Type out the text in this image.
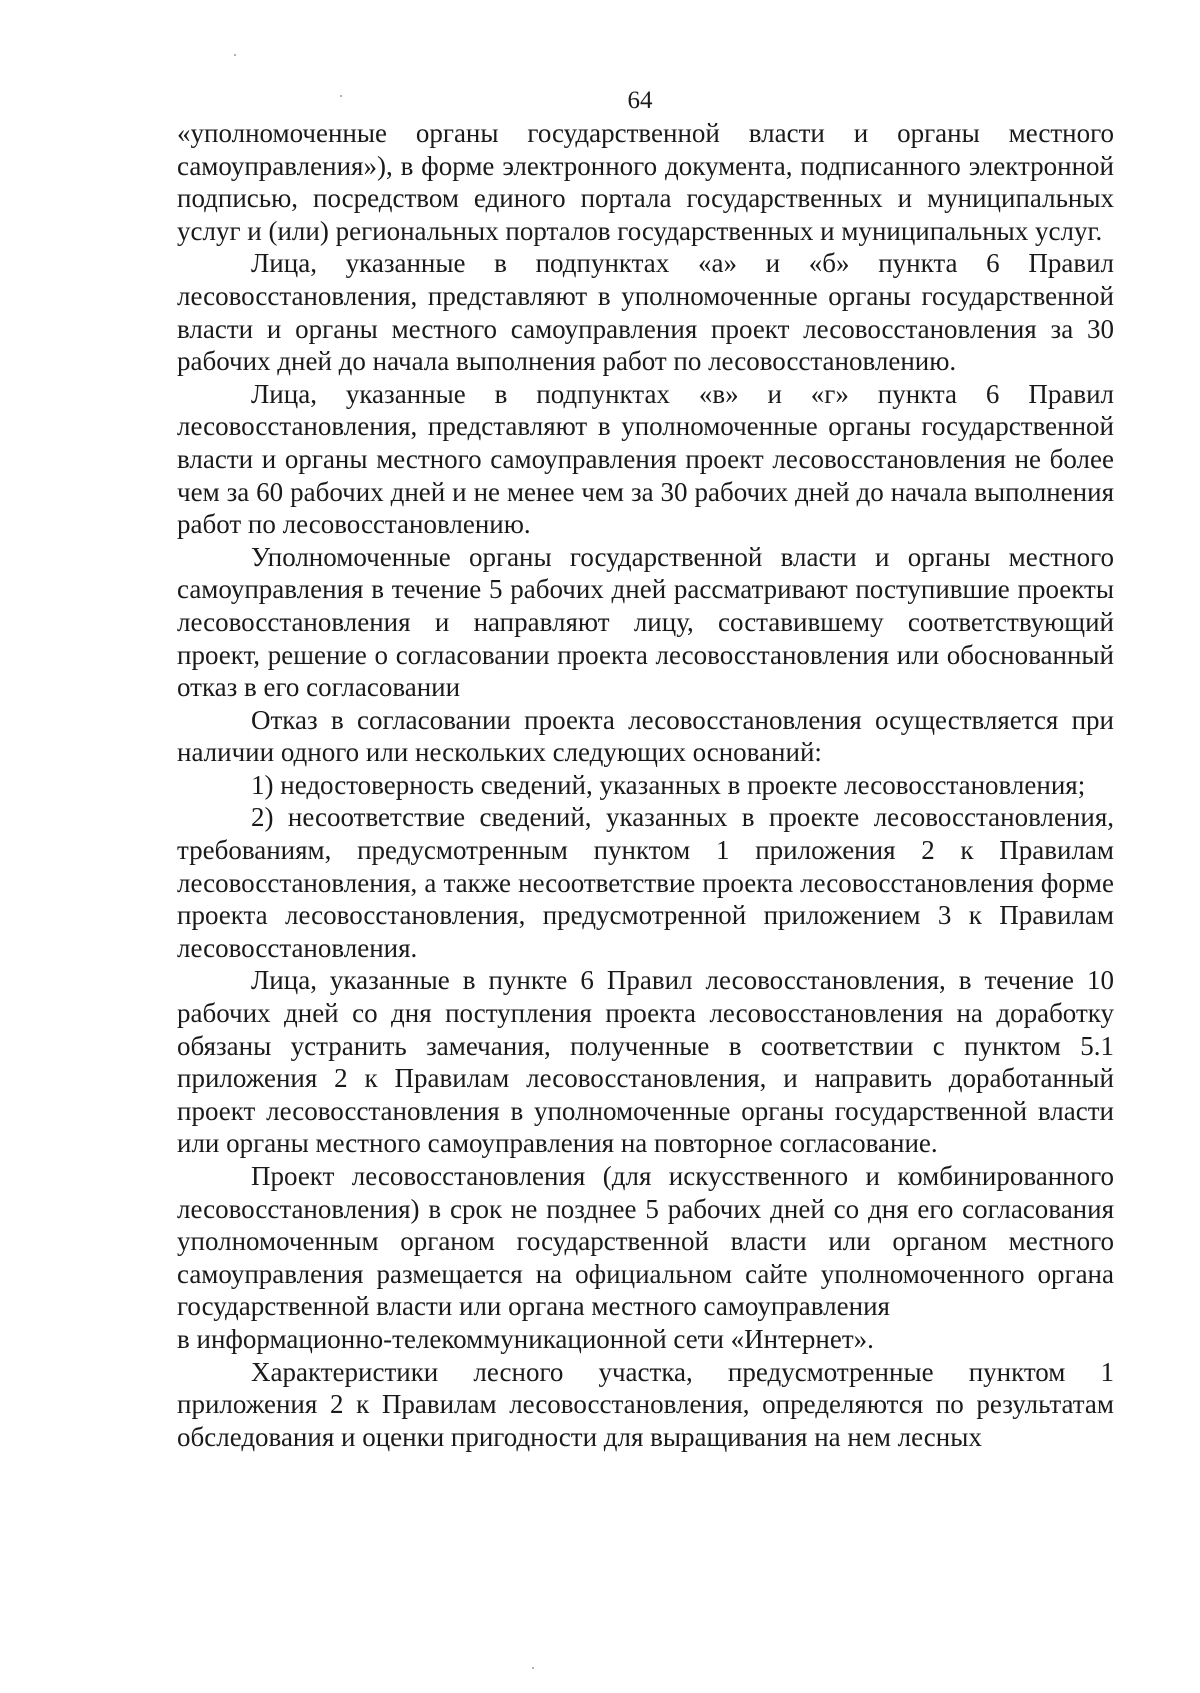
64

«уполномоченные органы государственной власти и органы местного самоуправления»), в форме электронного документа, подписанного электронной подписью, посредством единого портала государственных и муниципальных услуг и (или) региональных порталов государственных и муниципальных услуг.

Лица, указанные в подпунктах «а» и «б» пункта 6 Правил лесовосстановления, представляют в уполномоченные органы государственной власти и органы местного самоуправления проект лесовосстановления за 30 рабочих дней до начала выполнения работ по лесовосстановлению.

Лица, указанные в подпунктах «в» и «г» пункта 6 Правил лесовосстановления, представляют в уполномоченные органы государственной власти и органы местного самоуправления проект лесовосстановления не более чем за 60 рабочих дней и не менее чем за 30 рабочих дней до начала выполнения работ по лесовосстановлению.

Уполномоченные органы государственной власти и органы местного самоуправления в течение 5 рабочих дней рассматривают поступившие проекты лесовосстановления и направляют лицу, составившему соответствующий проект, решение о согласовании проекта лесовосстановления или обоснованный отказ в его согласовании

Отказ в согласовании проекта лесовосстановления осуществляется при наличии одного или нескольких следующих оснований:

1) недостоверность сведений, указанных в проекте лесовосстановления;

2) несоответствие сведений, указанных в проекте лесовосстановления, требованиям, предусмотренным пунктом 1 приложения 2 к Правилам лесовосстановления, а также несоответствие проекта лесовосстановления форме проекта лесовосстановления, предусмотренной приложением 3 к Правилам лесовосстановления.

Лица, указанные в пункте 6 Правил лесовосстановления, в течение 10 рабочих дней со дня поступления проекта лесовосстановления на доработку обязаны устранить замечания, полученные в соответствии с пунктом 5.1 приложения 2 к Правилам лесовосстановления, и направить доработанный проект лесовосстановления в уполномоченные органы государственной власти или органы местного самоуправления на повторное согласование.

Проект лесовосстановления (для искусственного и комбинированного лесовосстановления) в срок не позднее 5 рабочих дней со дня его согласования уполномоченным органом государственной власти или органом местного самоуправления размещается на официальном сайте уполномоченного органа государственной власти или органа местного самоуправления

в информационно-телекоммуникационной сети «Интернет».

Характеристики лесного участка, предусмотренные пунктом 1 приложения 2 к Правилам лесовосстановления, определяются по результатам обследования и оценки пригодности для выращивания на нем лесных
